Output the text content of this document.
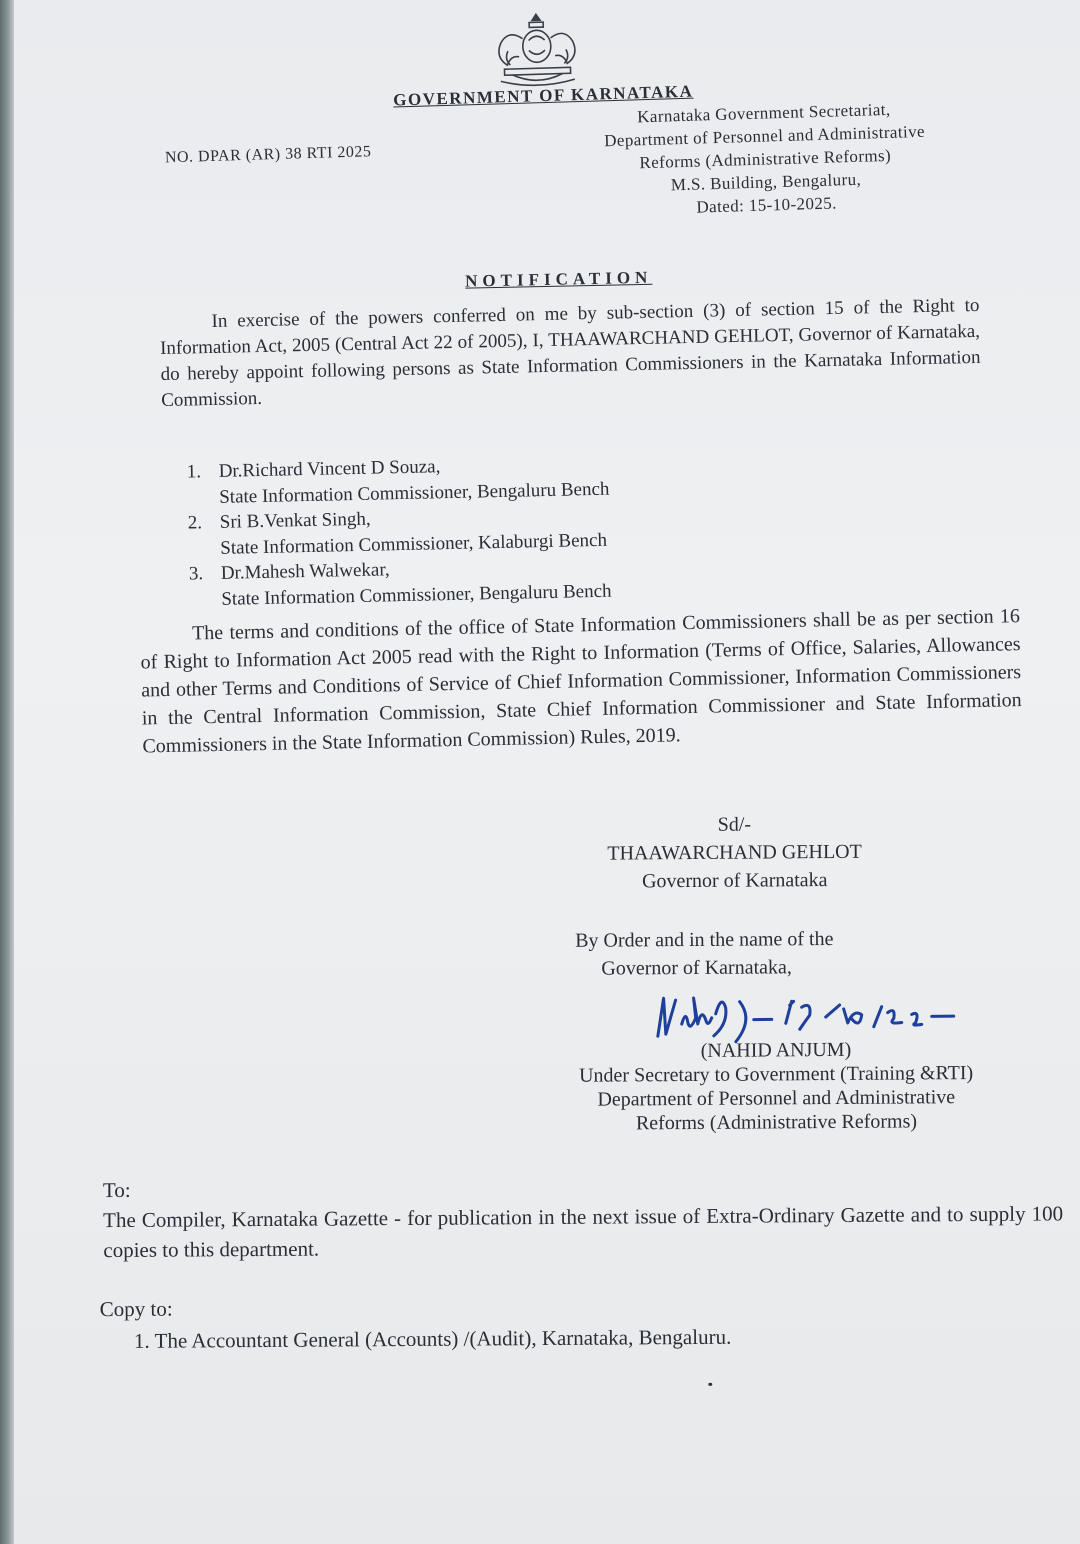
GOVERNMENT OF KARNATAKA
NO. DPAR (AR) 38 RTI 2025
Karnataka Government Secretariat,
Department of Personnel and Administrative
Reforms (Administrative Reforms)
M.S. Building, Bengaluru,
Dated: 15-10-2025.
NOTIFICATION
In exercise of the powers conferred on me by sub-section (3) of section 15 of the Right to Information Act, 2005 (Central Act 22 of 2005), I, THAAWARCHAND GEHLOT, Governor of Karnataka, do hereby appoint following persons as State Information Commissioners in the Karnataka Information Commission.
1. Dr.Richard Vincent D Souza,
State Information Commissioner, Bengaluru Bench
2. Sri B.Venkat Singh,
State Information Commissioner, Kalaburgi Bench
3. Dr.Mahesh Walwekar,
State Information Commissioner, Bengaluru Bench
The terms and conditions of the office of State Information Commissioners shall be as per section 16 of Right to Information Act 2005 read with the Right to Information (Terms of Office, Salaries, Allowances and other Terms and Conditions of Service of Chief Information Commissioner, Information Commissioners in the Central Information Commission, State Chief Information Commissioner and State Information Commissioners in the State Information Commission) Rules, 2019.
Sd/-
THAAWARCHAND GEHLOT
Governor of Karnataka
By Order and in the name of the
Governor of Karnataka,
(NAHID ANJUM)
Under Secretary to Government (Training &RTI)
Department of Personnel and Administrative
Reforms (Administrative Reforms)
To:
The Compiler, Karnataka Gazette - for publication in the next issue of Extra-Ordinary Gazette and to supply 100 copies to this department.
Copy to:
1. The Accountant General (Accounts) /(Audit), Karnataka, Bengaluru.
